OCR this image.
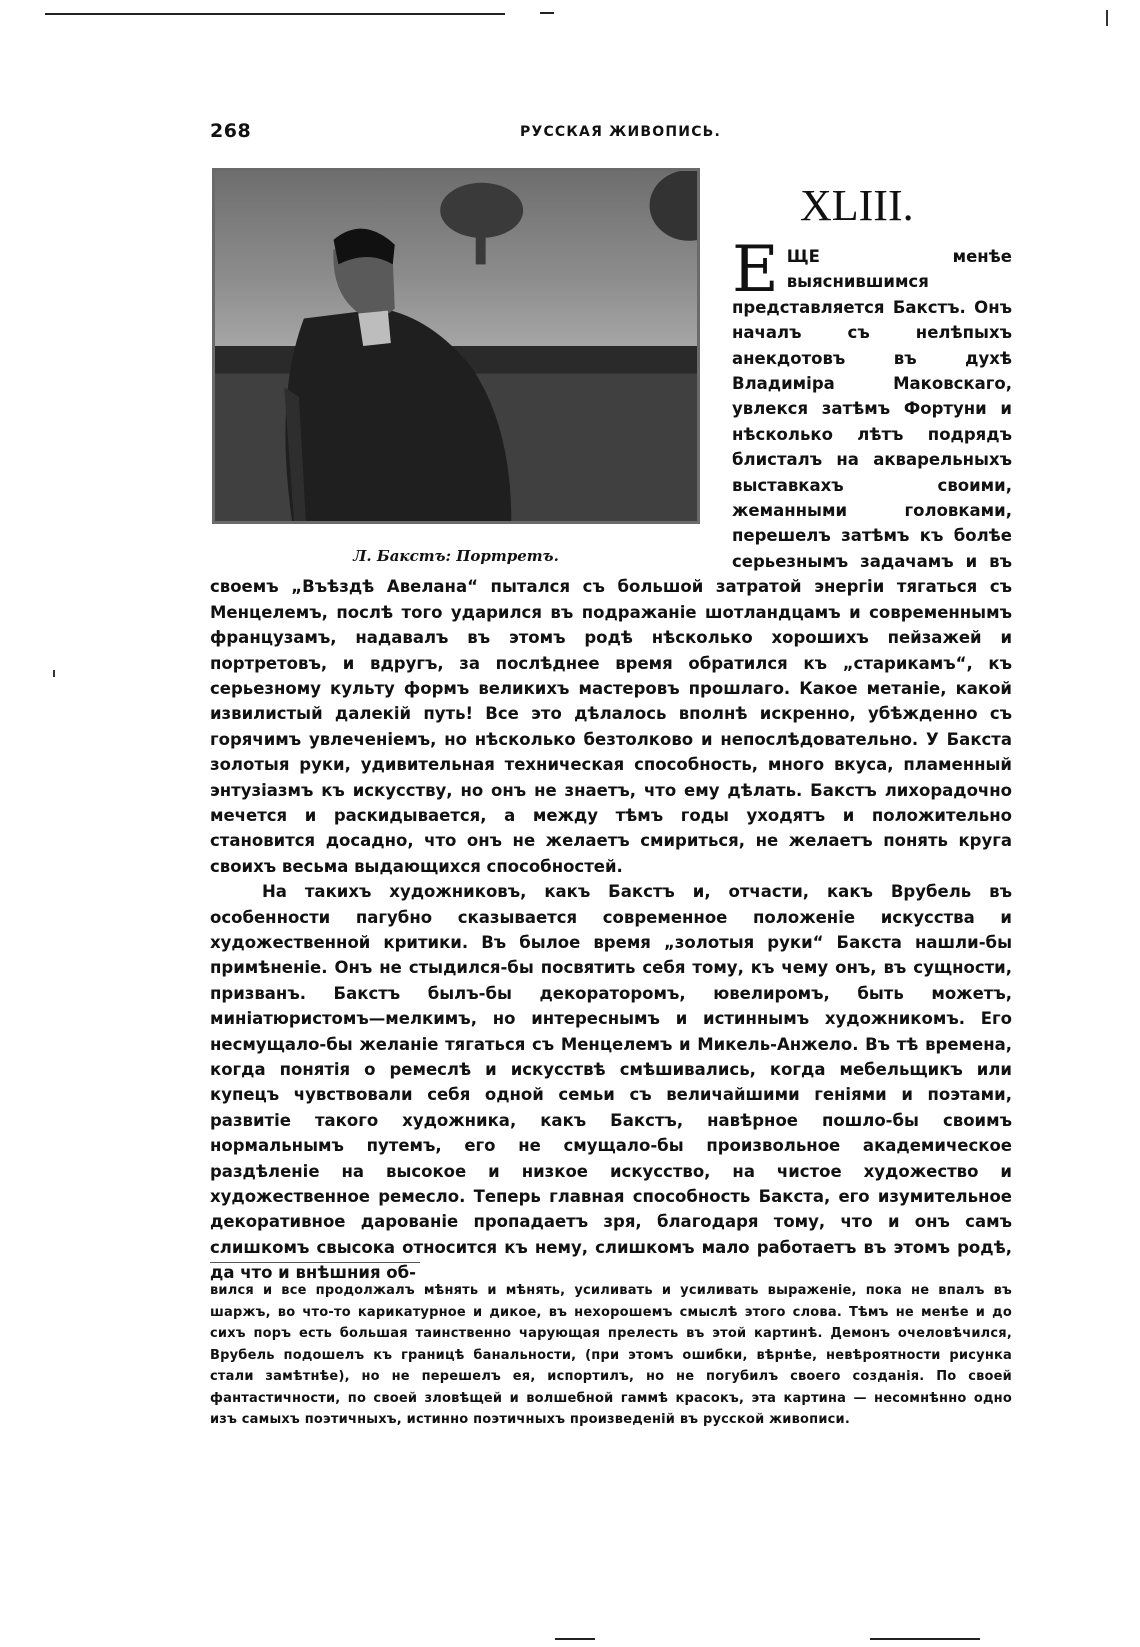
268	РУССКАЯ ЖИВОПИСЬ.
Л. Бакстъ: Портретъ.
XLIII.

ЕЩЕ менѣе выяснившимся представляется Бакстъ. Онъ началъ съ нелѣпыхъ анекдотовъ въ духѣ Владиміра Маковскаго, увлекся затѣмъ Фортуни и нѣсколько лѣтъ подрядъ блисталъ на акварельныхъ выставкахъ своими, жеманными головками, перешелъ затѣмъ къ болѣе серьезнымъ задачамъ и въ своемъ „Въѣздѣ Авелана“ пытался съ большой затратой энергіи тягаться съ Менцелемъ, послѣ того ударился въ подражаніе шотландцамъ и современнымъ французамъ, надавалъ въ этомъ родѣ нѣсколько хорошихъ пейзажей и портретовъ, и вдругъ, за послѣднее время обратился къ „старикамъ“, къ серьезному культу формъ великихъ мастеровъ прошлаго. Какое метаніе, какой извилистый далекій путь! Все это дѣлалось вполнѣ искренно, убѣжденно съ горячимъ увлеченіемъ, но нѣсколько безтолково и непослѣдовательно. У Бакста золотыя руки, удивительная техническая способность, много вкуса, пламенный энтузіазмъ къ искусству, но онъ не знаетъ, что ему дѣлать. Бакстъ лихорадочно мечется и раскидывается, а между тѣмъ годы уходятъ и положительно становится досадно, что онъ не желаетъ смириться, не желаетъ понять круга своихъ весьма выдающихся способностей.

На такихъ художниковъ, какъ Бакстъ и, отчасти, какъ Врубель въ особенности пагубно сказывается современное положеніе искусства и художественной критики. Въ былое время „золотыя руки“ Бакста нашли-бы примѣненіе. Онъ не стыдился-бы посвятить себя тому, къ чему онъ, въ сущности, призванъ. Бакстъ былъ-бы декораторомъ, ювелиромъ, быть можетъ, миніатюристомъ—мелкимъ, но интереснымъ и истиннымъ художникомъ. Его несмущало-бы желаніе тягаться съ Менцелемъ и Микель-Анжело. Въ тѣ времена, когда понятія о ремеслѣ и искусствѣ смѣшивались, когда мебельщикъ или купецъ чувствовали себя одной семьи съ величайшими геніями и поэтами, развитіе такого художника, какъ Бакстъ, навѣрное пошло-бы своимъ нормальнымъ путемъ, его не смущало-бы произвольное академическое раздѣленіе на высокое и низкое искусство, на чистое художество и художественное ремесло. Теперь главная способность Бакста, его изумительное декоративное дарованіе пропадаетъ зря, благодаря тому, что и онъ самъ слишкомъ свысока относится къ нему, слишкомъ мало работаетъ въ этомъ родѣ, да что и внѣшния об-

вился и все продолжалъ мѣнять и мѣнять, усиливать и усиливать выраженіе, пока не впалъ въ шаржъ, во что-то карикатурное и дикое, въ нехорошемъ смыслѣ этого слова. Тѣмъ не менѣе и до сихъ поръ есть большая таинственно чарующая прелесть въ этой картинѣ. Демонъ очеловѣчился, Врубель подошелъ къ границѣ банальности, (при этомъ ошибки, вѣрнѣе, невѣроятности рисунка стали замѣтнѣе), но не перешелъ ея, испортилъ, но не погубилъ своего созданія. По своей фантастичности, по своей зловѣщей и волшебной гаммѣ красокъ, эта картина — несомнѣнно одно изъ самыхъ поэтичныхъ, истинно поэтичныхъ произведеній въ русской живописи.
